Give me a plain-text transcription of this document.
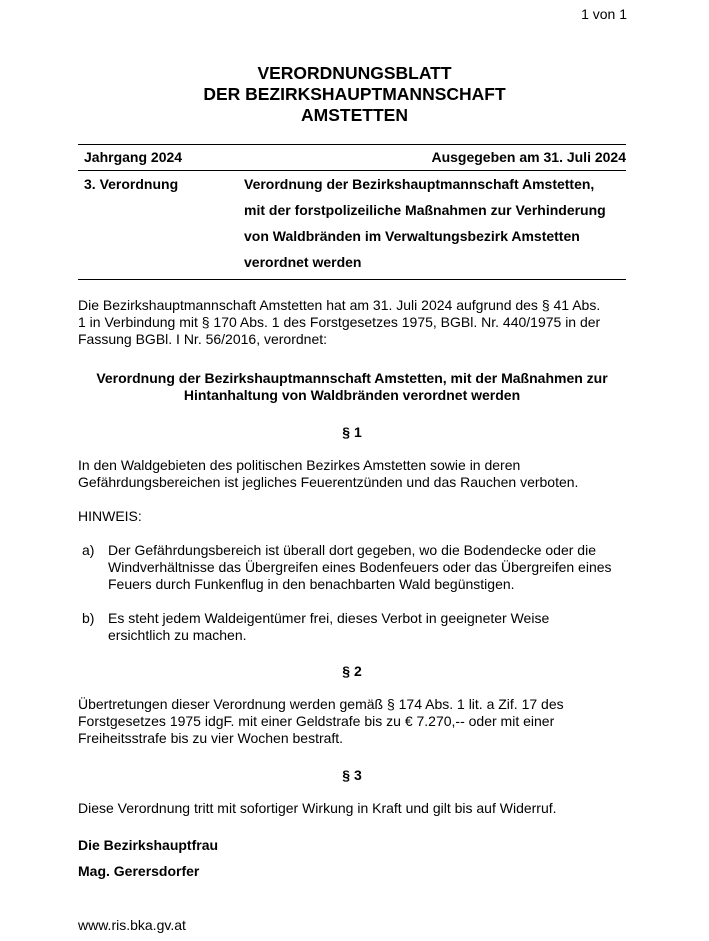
1 von 1
VERORDNUNGSBLATT
DER BEZIRKSHAUPTMANNSCHAFT
AMSTETTEN
Jahrgang 2024	Ausgegeben am 31. Juli 2024
3. Verordnung	Verordnung der Bezirkshauptmannschaft Amstetten,
mit der forstpolizeiliche Maßnahmen zur Verhinderung
von Waldbränden im Verwaltungsbezirk Amstetten
verordnet werden
Die Bezirkshauptmannschaft Amstetten hat am 31. Juli 2024 aufgrund des § 41 Abs.
1 in Verbindung mit § 170 Abs. 1 des Forstgesetzes 1975, BGBl. Nr. 440/1975 in der
Fassung BGBl. I Nr. 56/2016, verordnet:
Verordnung der Bezirkshauptmannschaft Amstetten, mit der Maßnahmen zur
Hintanhaltung von Waldbränden verordnet werden
§ 1
In den Waldgebieten des politischen Bezirkes Amstetten sowie in deren
Gefährdungsbereichen ist jegliches Feuerentzünden und das Rauchen verboten.
HINWEIS:
a) Der Gefährdungsbereich ist überall dort gegeben, wo die Bodendecke oder die
Windverhältnisse das Übergreifen eines Bodenfeuers oder das Übergreifen eines
Feuers durch Funkenflug in den benachbarten Wald begünstigen.
b) Es steht jedem Waldeigentümer frei, dieses Verbot in geeigneter Weise
ersichtlich zu machen.
§ 2
Übertretungen dieser Verordnung werden gemäß § 174 Abs. 1 lit. a Zif. 17 des
Forstgesetzes 1975 idgF. mit einer Geldstrafe bis zu € 7.270,-- oder mit einer
Freiheitsstrafe bis zu vier Wochen bestraft.
§ 3
Diese Verordnung tritt mit sofortiger Wirkung in Kraft und gilt bis auf Widerruf.
Die Bezirkshauptfrau
Mag. Gerersdorfer
www.ris.bka.gv.at
